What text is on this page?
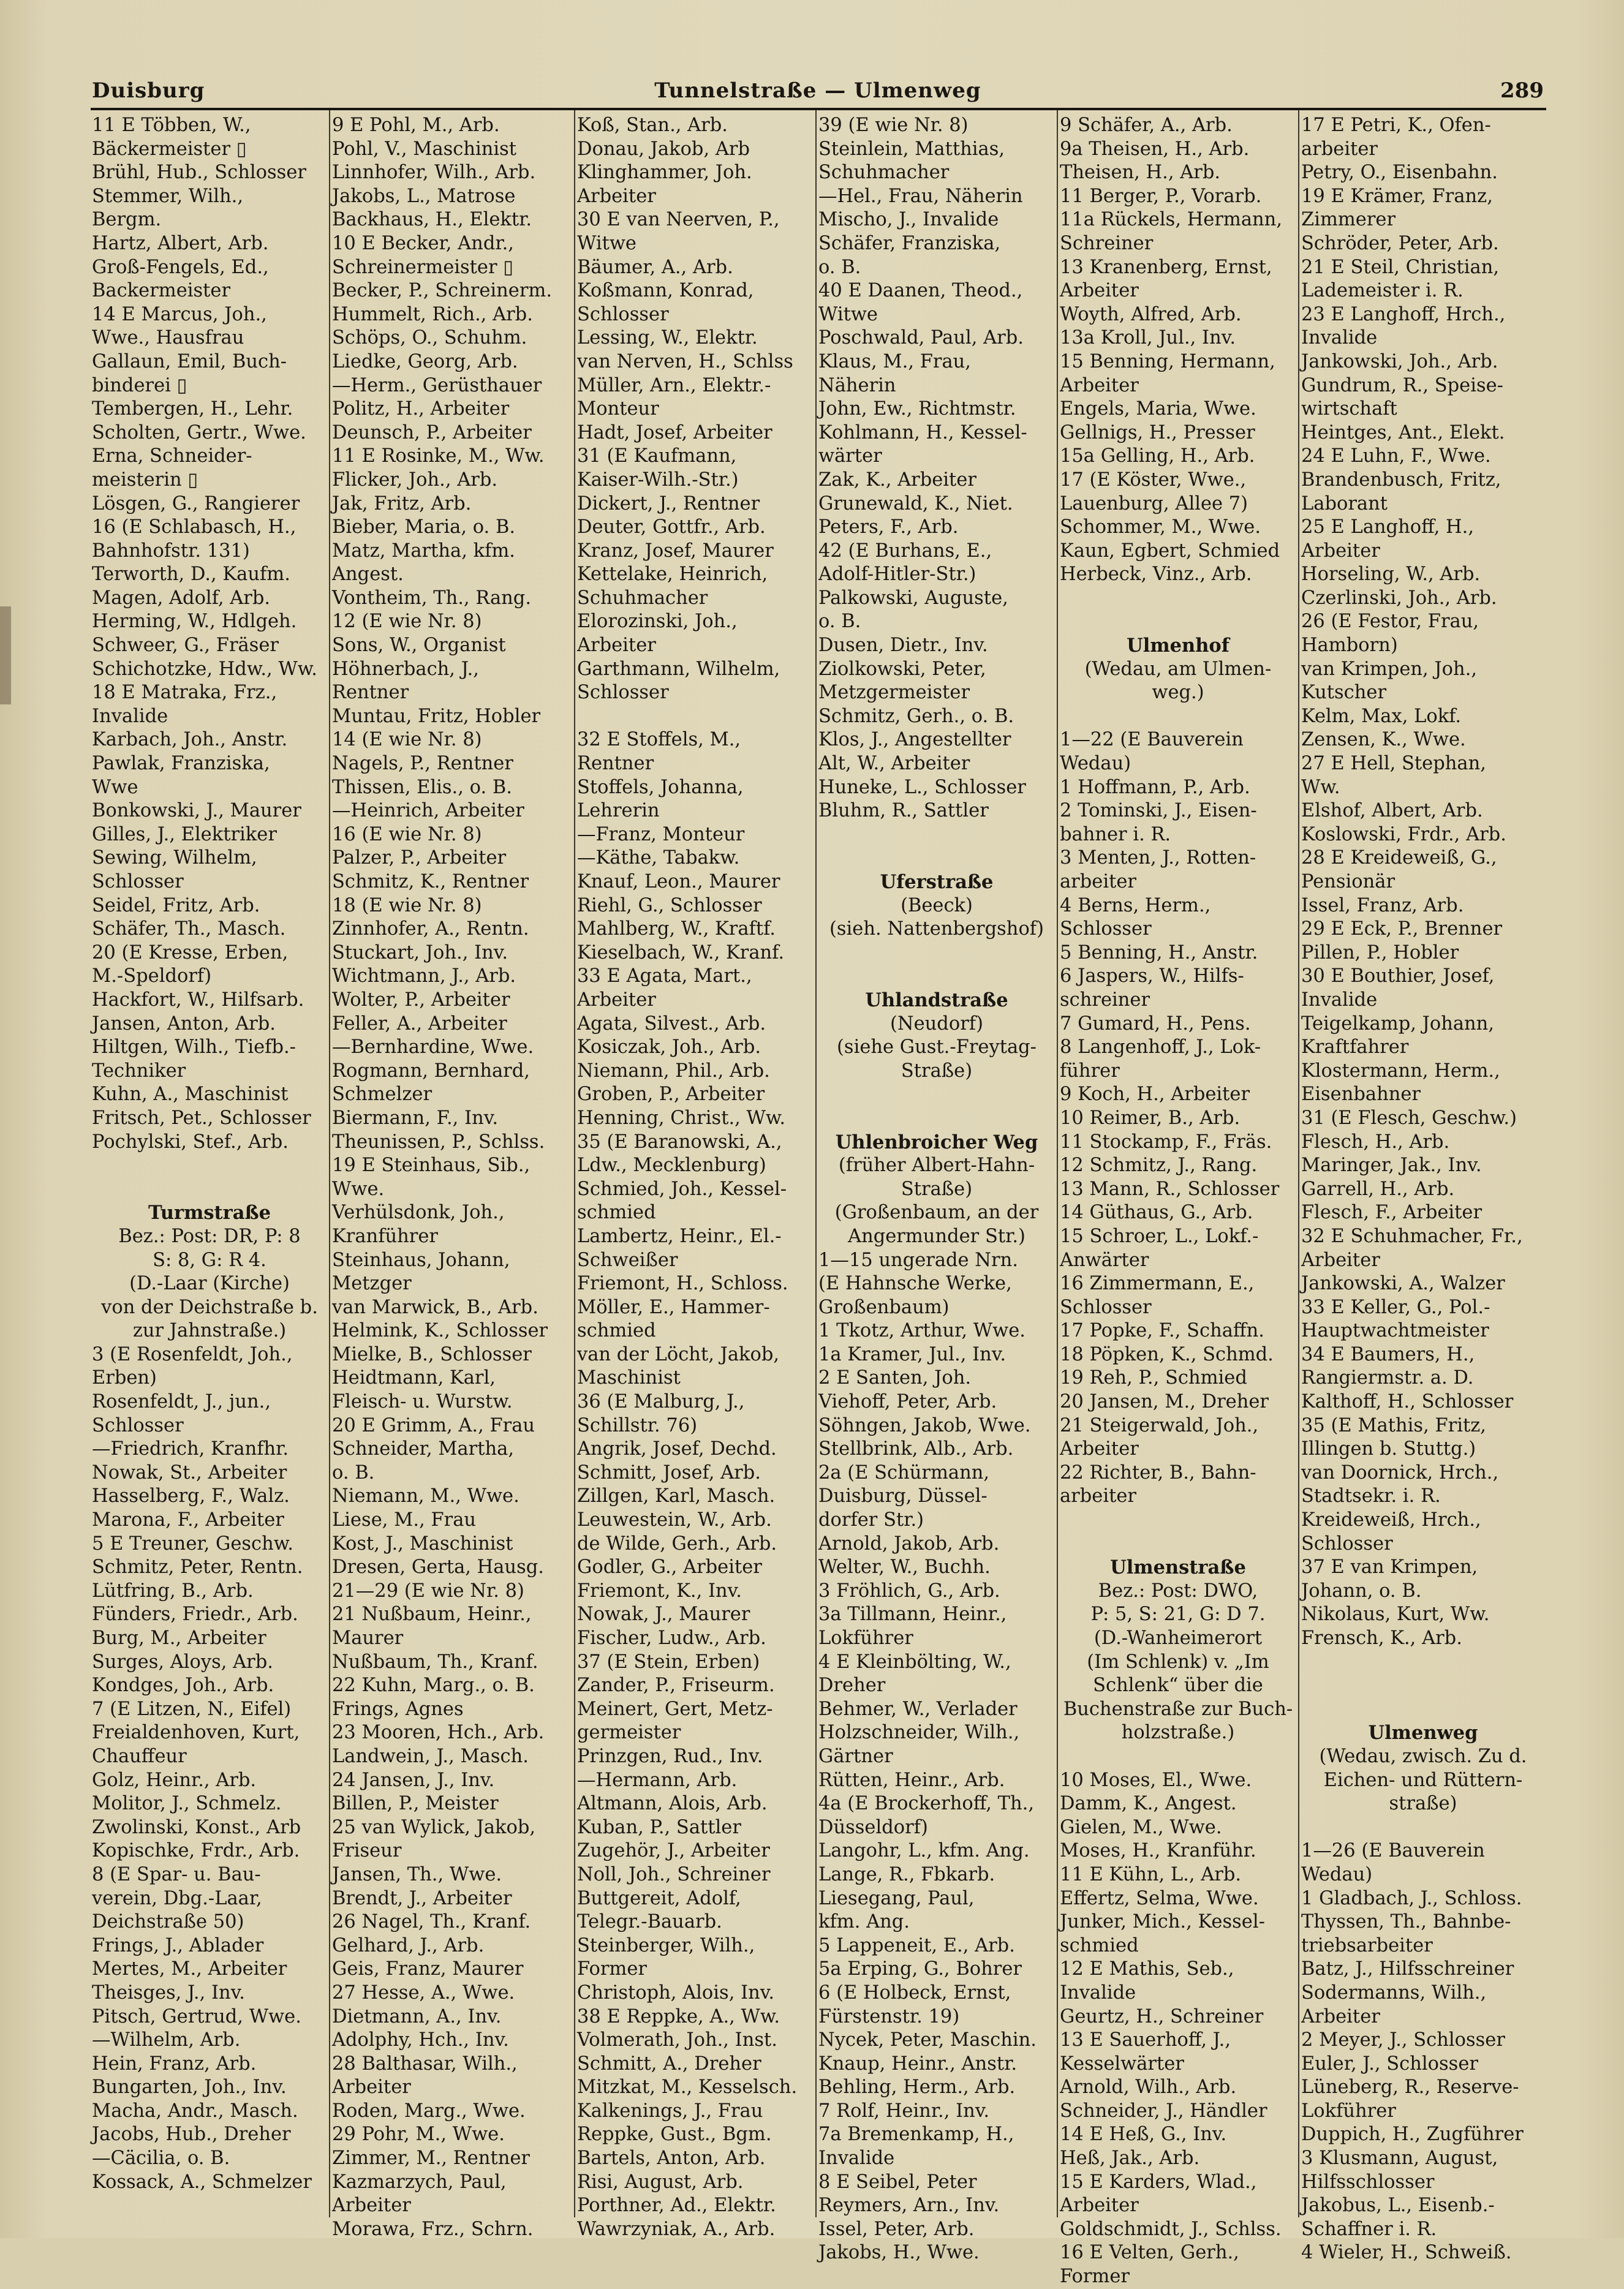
Duisburg	Tunnelstraße — Ulmenweg	289
11 E Többen, W.,
Bäckermeister ▯
Brühl, Hub., Schlosser
Stemmer, Wilh.,
Bergm.
Hartz, Albert, Arb.
Groß-Fengels, Ed.,
Backermeister
14 E Marcus, Joh.,
Wwe., Hausfrau
Gallaun, Emil, Buch-
binderei ▯
Tembergen, H., Lehr.
Scholten, Gertr., Wwe.
Erna, Schneider-
meisterin ▯
Lösgen, G., Rangierer
16 (E Schlabasch, H.,
Bahnhofstr. 131)
Terworth, D., Kaufm.
Magen, Adolf, Arb.
Herming, W., Hdlgeh.
Schweer, G., Fräser
Schichotzke, Hdw., Ww.
18 E Matraka, Frz.,
Invalide
Karbach, Joh., Anstr.
Pawlak, Franziska,
Wwe
Bonkowski, J., Maurer
Gilles, J., Elektriker
Sewing, Wilhelm,
Schlosser
Seidel, Fritz, Arb.
Schäfer, Th., Masch.
20 (E Kresse, Erben,
M.-Speldorf)
Hackfort, W., Hilfsarb.
Jansen, Anton, Arb.
Hiltgen, Wilh., Tiefb.-
Techniker
Kuhn, A., Maschinist
Fritsch, Pet., Schlosser
Pochylski, Stef., Arb.
Turmstraße
Bez.: Post: DR, P: 8
S: 8, G: R 4.
(D.-Laar (Kirche)
von der Deichstraße b.
zur Jahnstraße.)
3 (E Rosenfeldt, Joh.,
Erben)
Rosenfeldt, J., jun.,
Schlosser
—Friedrich, Kranfhr.
Nowak, St., Arbeiter
Hasselberg, F., Walz.
Marona, F., Arbeiter
5 E Treuner, Geschw.
Schmitz, Peter, Rentn.
Lütfring, B., Arb.
Fünders, Friedr., Arb.
Burg, M., Arbeiter
Surges, Aloys, Arb.
Kondges, Joh., Arb.
7 (E Litzen, N., Eifel)
Freialdenhoven, Kurt,
Chauffeur
Golz, Heinr., Arb.
Molitor, J., Schmelz.
Zwolinski, Konst., Arb
Kopischke, Frdr., Arb.
8 (E Spar- u. Bau-
verein, Dbg.-Laar,
Deichstraße 50)
Frings, J., Ablader
Mertes, M., Arbeiter
Theisges, J., Inv.
Pitsch, Gertrud, Wwe.
—Wilhelm, Arb.
Hein, Franz, Arb.
Bungarten, Joh., Inv.
Macha, Andr., Masch.
Jacobs, Hub., Dreher
—Cäcilia, o. B.
Kossack, A., Schmelzer
9 E Pohl, M., Arb.
Pohl, V., Maschinist
Linnhofer, Wilh., Arb.
Jakobs, L., Matrose
Backhaus, H., Elektr.
10 E Becker, Andr.,
Schreinermeister ▯
Becker, P., Schreinerm.
Hummelt, Rich., Arb.
Schöps, O., Schuhm.
Liedke, Georg, Arb.
—Herm., Gerüsthauer
Politz, H., Arbeiter
Deunsch, P., Arbeiter
11 E Rosinke, M., Ww.
Flicker, Joh., Arb.
Jak, Fritz, Arb.
Bieber, Maria, o. B.
Matz, Martha, kfm.
Angest.
Vontheim, Th., Rang.
12 (E wie Nr. 8)
Sons, W., Organist
Höhnerbach, J.,
Rentner
Muntau, Fritz, Hobler
14 (E wie Nr. 8)
Nagels, P., Rentner
Thissen, Elis., o. B.
—Heinrich, Arbeiter
16 (E wie Nr. 8)
Palzer, P., Arbeiter
Schmitz, K., Rentner
18 (E wie Nr. 8)
Zinnhofer, A., Rentn.
Stuckart, Joh., Inv.
Wichtmann, J., Arb.
Wolter, P., Arbeiter
Feller, A., Arbeiter
—Bernhardine, Wwe.
Rogmann, Bernhard,
Schmelzer
Biermann, F., Inv.
Theunissen, P., Schlss.
19 E Steinhaus, Sib.,
Wwe.
Verhülsdonk, Joh.,
Kranführer
Steinhaus, Johann,
Metzger
van Marwick, B., Arb.
Helmink, K., Schlosser
Mielke, B., Schlosser
Heidtmann, Karl,
Fleisch- u. Wurstw.
20 E Grimm, A., Frau
Schneider, Martha,
o. B.
Niemann, M., Wwe.
Liese, M., Frau
Kost, J., Maschinist
Dresen, Gerta, Hausg.
21—29 (E wie Nr. 8)
21 Nußbaum, Heinr.,
Maurer
Nußbaum, Th., Kranf.
22 Kuhn, Marg., o. B.
Frings, Agnes
23 Mooren, Hch., Arb.
Landwein, J., Masch.
24 Jansen, J., Inv.
Billen, P., Meister
25 van Wylick, Jakob,
Friseur
Jansen, Th., Wwe.
Brendt, J., Arbeiter
26 Nagel, Th., Kranf.
Gelhard, J., Arb.
Geis, Franz, Maurer
27 Hesse, A., Wwe.
Dietmann, A., Inv.
Adolphy, Hch., Inv.
28 Balthasar, Wilh.,
Arbeiter
Roden, Marg., Wwe.
29 Pohr, M., Wwe.
Zimmer, M., Rentner
Kazmarzych, Paul,
Arbeiter
Morawa, Frz., Schrn.
Koß, Stan., Arb.
Donau, Jakob, Arb
Klinghammer, Joh.
Arbeiter
30 E van Neerven, P.,
Witwe
Bäumer, A., Arb.
Koßmann, Konrad,
Schlosser
Lessing, W., Elektr.
van Nerven, H., Schlss
Müller, Arn., Elektr.-
Monteur
Hadt, Josef, Arbeiter
31 (E Kaufmann,
Kaiser-Wilh.-Str.)
Dickert, J., Rentner
Deuter, Gottfr., Arb.
Kranz, Josef, Maurer
Kettelake, Heinrich,
Schuhmacher
Elorozinski, Joh.,
Arbeiter
Garthmann, Wilhelm,
Schlosser
32 E Stoffels, M.,
Rentner
Stoffels, Johanna,
Lehrerin
—Franz, Monteur
—Käthe, Tabakw.
Knauf, Leon., Maurer
Riehl, G., Schlosser
Mahlberg, W., Kraftf.
Kieselbach, W., Kranf.
33 E Agata, Mart.,
Arbeiter
Agata, Silvest., Arb.
Kosiczak, Joh., Arb.
Niemann, Phil., Arb.
Groben, P., Arbeiter
Henning, Christ., Ww.
35 (E Baranowski, A.,
Ldw., Mecklenburg)
Schmied, Joh., Kessel-
schmied
Lambertz, Heinr., El.-
Schweißer
Friemont, H., Schloss.
Möller, E., Hammer-
schmied
van der Löcht, Jakob,
Maschinist
36 (E Malburg, J.,
Schillstr. 76)
Angrik, Josef, Dechd.
Schmitt, Josef, Arb.
Zillgen, Karl, Masch.
Leuwestein, W., Arb.
de Wilde, Gerh., Arb.
Godler, G., Arbeiter
Friemont, K., Inv.
Nowak, J., Maurer
Fischer, Ludw., Arb.
37 (E Stein, Erben)
Zander, P., Friseurm.
Meinert, Gert, Metz-
germeister
Prinzgen, Rud., Inv.
—Hermann, Arb.
Altmann, Alois, Arb.
Kuban, P., Sattler
Zugehör, J., Arbeiter
Noll, Joh., Schreiner
Buttgereit, Adolf,
Telegr.-Bauarb.
Steinberger, Wilh.,
Former
Christoph, Alois, Inv.
38 E Reppke, A., Ww.
Volmerath, Joh., Inst.
Schmitt, A., Dreher
Mitzkat, M., Kesselsch.
Kalkenings, J., Frau
Reppke, Gust., Bgm.
Bartels, Anton, Arb.
Risi, August, Arb.
Porthner, Ad., Elektr.
Wawrzyniak, A., Arb.
39 (E wie Nr. 8)
Steinlein, Matthias,
Schuhmacher
—Hel., Frau, Näherin
Mischo, J., Invalide
Schäfer, Franziska,
o. B.
40 E Daanen, Theod.,
Witwe
Poschwald, Paul, Arb.
Klaus, M., Frau,
Näherin
John, Ew., Richtmstr.
Kohlmann, H., Kessel-
wärter
Zak, K., Arbeiter
Grunewald, K., Niet.
Peters, F., Arb.
42 (E Burhans, E.,
Adolf-Hitler-Str.)
Palkowski, Auguste,
o. B.
Dusen, Dietr., Inv.
Ziolkowski, Peter,
Metzgermeister
Schmitz, Gerh., o. B.
Klos, J., Angestellter
Alt, W., Arbeiter
Huneke, L., Schlosser
Bluhm, R., Sattler
Uferstraße
(Beeck)
(sieh. Nattenbergshof)
Uhlandstraße
(Neudorf)
(siehe Gust.-Freytag-
Straße)
Uhlenbroicher Weg
(früher Albert-Hahn-
Straße)
(Großenbaum, an der
Angermunder Str.)
1—15 ungerade Nrn.
(E Hahnsche Werke,
Großenbaum)
1 Tkotz, Arthur, Wwe.
1a Kramer, Jul., Inv.
2 E Santen, Joh.
Viehoff, Peter, Arb.
Söhngen, Jakob, Wwe.
Stellbrink, Alb., Arb.
2a (E Schürmann,
Duisburg, Düssel-
dorfer Str.)
Arnold, Jakob, Arb.
Welter, W., Buchh.
3 Fröhlich, G., Arb.
3a Tillmann, Heinr.,
Lokführer
4 E Kleinbölting, W.,
Dreher
Behmer, W., Verlader
Holzschneider, Wilh.,
Gärtner
Rütten, Heinr., Arb.
4a (E Brockerhoff, Th.,
Düsseldorf)
Langohr, L., kfm. Ang.
Lange, R., Fbkarb.
Liesegang, Paul,
kfm. Ang.
5 Lappeneit, E., Arb.
5a Erping, G., Bohrer
6 (E Holbeck, Ernst,
Fürstenstr. 19)
Nycek, Peter, Maschin.
Knaup, Heinr., Anstr.
Behling, Herm., Arb.
7 Rolf, Heinr., Inv.
7a Bremenkamp, H.,
Invalide
8 E Seibel, Peter
Reymers, Arn., Inv.
Issel, Peter, Arb.
Jakobs, H., Wwe.
9 Schäfer, A., Arb.
9a Theisen, H., Arb.
Theisen, H., Arb.
11 Berger, P., Vorarb.
11a Rückels, Hermann,
Schreiner
13 Kranenberg, Ernst,
Arbeiter
Woyth, Alfred, Arb.
13a Kroll, Jul., Inv.
15 Benning, Hermann,
Arbeiter
Engels, Maria, Wwe.
Gellnigs, H., Presser
15a Gelling, H., Arb.
17 (E Köster, Wwe.,
Lauenburg, Allee 7)
Schommer, M., Wwe.
Kaun, Egbert, Schmied
Herbeck, Vinz., Arb.
Ulmenhof
(Wedau, am Ulmen-
weg.)
1—22 (E Bauverein
Wedau)
1 Hoffmann, P., Arb.
2 Tominski, J., Eisen-
bahner i. R.
3 Menten, J., Rotten-
arbeiter
4 Berns, Herm.,
Schlosser
5 Benning, H., Anstr.
6 Jaspers, W., Hilfs-
schreiner
7 Gumard, H., Pens.
8 Langenhoff, J., Lok-
führer
9 Koch, H., Arbeiter
10 Reimer, B., Arb.
11 Stockamp, F., Fräs.
12 Schmitz, J., Rang.
13 Mann, R., Schlosser
14 Güthaus, G., Arb.
15 Schroer, L., Lokf.-
Anwärter
16 Zimmermann, E.,
Schlosser
17 Popke, F., Schaffn.
18 Pöpken, K., Schmd.
19 Reh, P., Schmied
20 Jansen, M., Dreher
21 Steigerwald, Joh.,
Arbeiter
22 Richter, B., Bahn-
arbeiter
Ulmenstraße
Bez.: Post: DWO,
P: 5, S: 21, G: D 7.
(D.-Wanheimerort
(Im Schlenk) v. „Im
Schlenk“ über die
Buchenstraße zur Buch-
holzstraße.)
10 Moses, El., Wwe.
Damm, K., Angest.
Gielen, M., Wwe.
Moses, H., Kranführ.
11 E Kühn, L., Arb.
Effertz, Selma, Wwe.
Junker, Mich., Kessel-
schmied
12 E Mathis, Seb.,
Invalide
Geurtz, H., Schreiner
13 E Sauerhoff, J.,
Kesselwärter
Arnold, Wilh., Arb.
Schneider, J., Händler
14 E Heß, G., Inv.
Heß, Jak., Arb.
15 E Karders, Wlad.,
Arbeiter
Goldschmidt, J., Schlss.
16 E Velten, Gerh.,
Former
17 E Petri, K., Ofen-
arbeiter
Petry, O., Eisenbahn.
19 E Krämer, Franz,
Zimmerer
Schröder, Peter, Arb.
21 E Steil, Christian,
Lademeister i. R.
23 E Langhoff, Hrch.,
Invalide
Jankowski, Joh., Arb.
Gundrum, R., Speise-
wirtschaft
Heintges, Ant., Elekt.
24 E Luhn, F., Wwe.
Brandenbusch, Fritz,
Laborant
25 E Langhoff, H.,
Arbeiter
Horseling, W., Arb.
Czerlinski, Joh., Arb.
26 (E Festor, Frau,
Hamborn)
van Krimpen, Joh.,
Kutscher
Kelm, Max, Lokf.
Zensen, K., Wwe.
27 E Hell, Stephan,
Ww.
Elshof, Albert, Arb.
Koslowski, Frdr., Arb.
28 E Kreideweiß, G.,
Pensionär
Issel, Franz, Arb.
29 E Eck, P., Brenner
Pillen, P., Hobler
30 E Bouthier, Josef,
Invalide
Teigelkamp, Johann,
Kraftfahrer
Klostermann, Herm.,
Eisenbahner
31 (E Flesch, Geschw.)
Flesch, H., Arb.
Maringer, Jak., Inv.
Garrell, H., Arb.
Flesch, F., Arbeiter
32 E Schuhmacher, Fr.,
Arbeiter
Jankowski, A., Walzer
33 E Keller, G., Pol.-
Hauptwachtmeister
34 E Baumers, H.,
Rangiermstr. a. D.
Kalthoff, H., Schlosser
35 (E Mathis, Fritz,
Illingen b. Stuttg.)
van Doornick, Hrch.,
Stadtsekr. i. R.
Kreideweiß, Hrch.,
Schlosser
37 E van Krimpen,
Johann, o. B.
Nikolaus, Kurt, Ww.
Frensch, K., Arb.
Ulmenweg
(Wedau, zwisch. Zu d.
Eichen- und Rüttern-
straße)
1—26 (E Bauverein
Wedau)
1 Gladbach, J., Schloss.
Thyssen, Th., Bahnbe-
triebsarbeiter
Batz, J., Hilfsschreiner
Sodermanns, Wilh.,
Arbeiter
2 Meyer, J., Schlosser
Euler, J., Schlosser
Lüneberg, R., Reserve-
Lokführer
Duppich, H., Zugführer
3 Klusmann, August,
Hilfsschlosser
Jakobus, L., Eisenb.-
Schaffner i. R.
4 Wieler, H., Schweiß.
